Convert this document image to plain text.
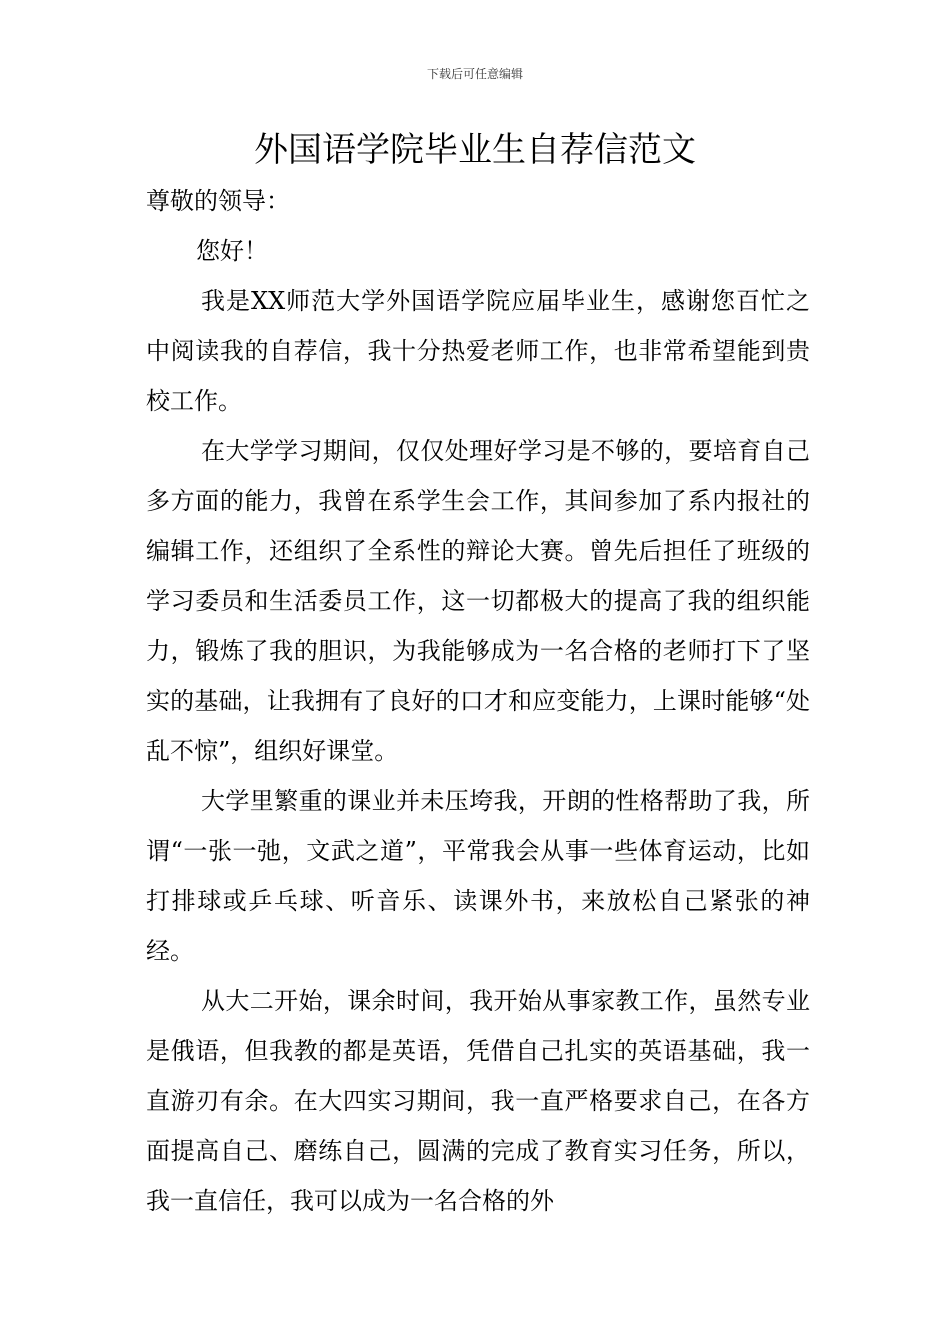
下载后可任意编辑
外国语学院毕业生自荐信范文

尊敬的领导：

您好！

我是XX师范大学外国语学院应届毕业生，感谢您百忙之中阅读我的自荐信，我十分热爱老师工作，也非常希望能到贵校工作。

在大学学习期间，仅仅处理好学习是不够的，要培育自己多方面的能力，我曾在系学生会工作，其间参加了系内报社的编辑工作，还组织了全系性的辩论大赛。曾先后担任了班级的学习委员和生活委员工作，这一切都极大的提高了我的组织能力，锻炼了我的胆识，为我能够成为一名合格的老师打下了坚实的基础，让我拥有了良好的口才和应变能力，上课时能够“处乱不惊”，组织好课堂。

大学里繁重的课业并未压垮我，开朗的性格帮助了我，所谓“一张一弛，文武之道”，平常我会从事一些体育运动，比如打排球或乒乓球、听音乐、读课外书，来放松自己紧张的神经。

从大二开始，课余时间，我开始从事家教工作，虽然专业是俄语，但我教的都是英语，凭借自己扎实的英语基础，我一直游刃有余。在大四实习期间，我一直严格要求自己，在各方面提高自己、磨练自己，圆满的完成了教育实习任务，所以，我一直信任，我可以成为一名合格的外
